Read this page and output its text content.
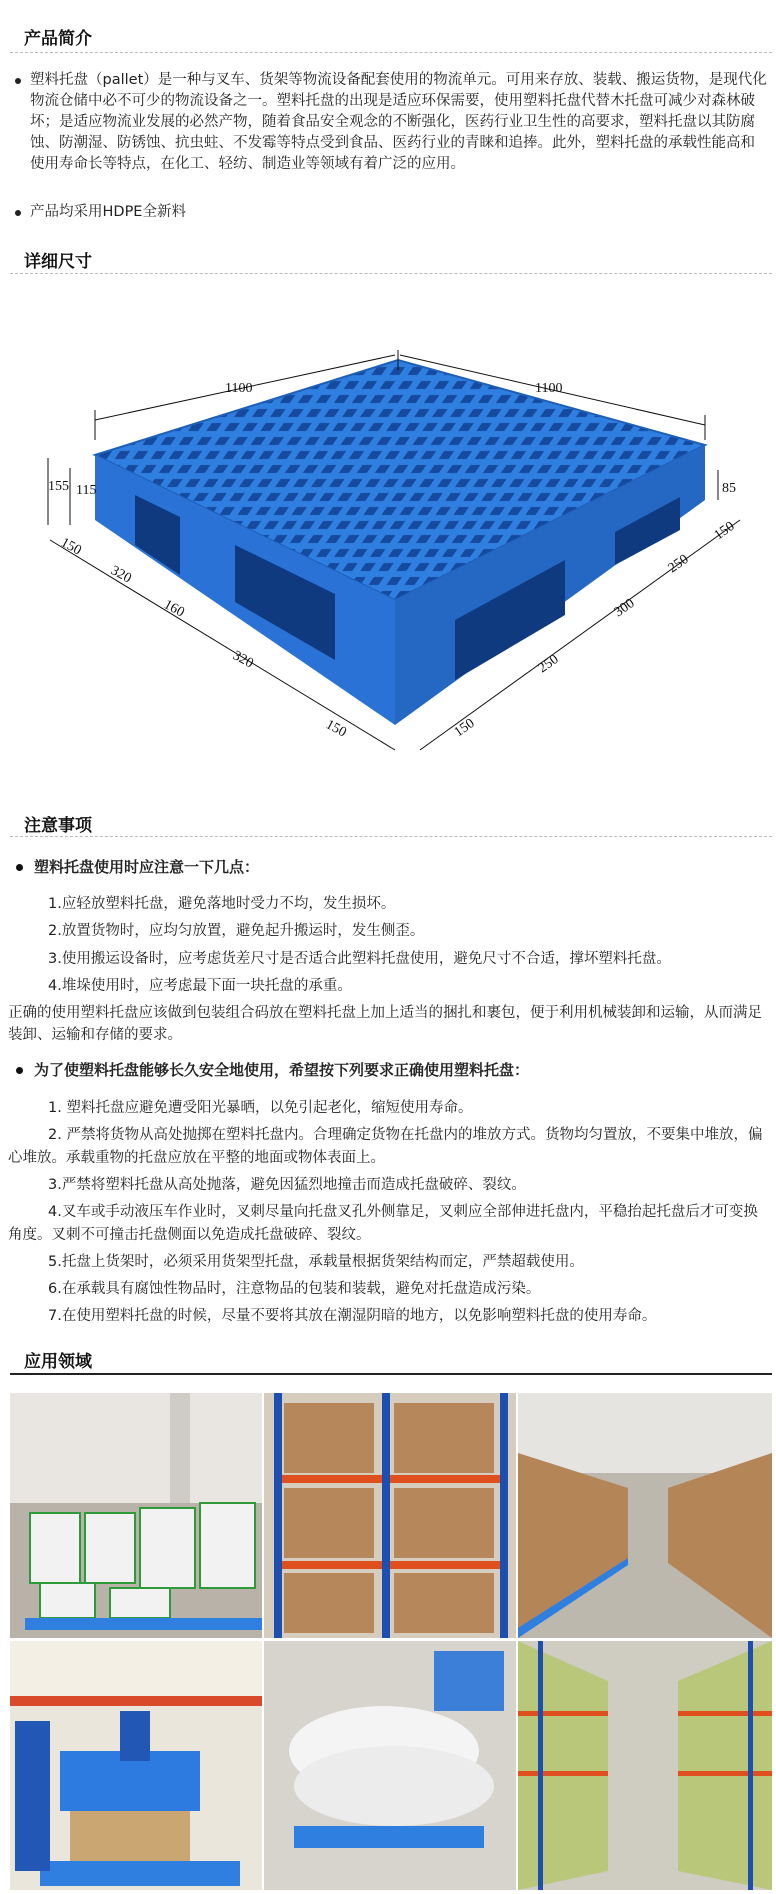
产品简介
塑料托盘（pallet）是一种与叉车、货架等物流设备配套使用的物流单元。可用来存放、装载、搬运货物，是现代化物流仓储中必不可少的物流设备之一。塑料托盘的出现是适应环保需要，使用塑料托盘代替木托盘可减少对森林破坏；是适应物流业发展的必然产物，随着食品安全观念的不断强化，医药行业卫生性的高要求，塑料托盘以其防腐蚀、防潮湿、防锈蚀、抗虫蛀、不发霉等特点受到食品、医药行业的青睐和追捧。此外，塑料托盘的承载性能高和使用寿命长等特点，在化工、轻纺、制造业等领域有着广泛的应用。
产品均采用HDPE全新料
详细尺寸
1100	1100
155 115	85
150
320
160
320
150
150
250
300
250
150
注意事项
塑料托盘使用时应注意一下几点：
1.应轻放塑料托盘，避免落地时受力不均，发生损坏。
2.放置货物时，应均匀放置，避免起升搬运时，发生侧歪。
3.使用搬运设备时，应考虑货差尺寸是否适合此塑料托盘使用，避免尺寸不合适，撑坏塑料托盘。
4.堆垛使用时，应考虑最下面一块托盘的承重。
正确的使用塑料托盘应该做到包装组合码放在塑料托盘上加上适当的捆扎和裹包，便于利用机械装卸和运输，从而满足装卸、运输和存储的要求。
为了使塑料托盘能够长久安全地使用，希望按下列要求正确使用塑料托盘：
1. 塑料托盘应避免遭受阳光暴晒，以免引起老化，缩短使用寿命。
2. 严禁将货物从高处抛掷在塑料托盘内。合理确定货物在托盘内的堆放方式。货物均匀置放，不要集中堆放，偏心堆放。承载重物的托盘应放在平整的地面或物体表面上。
3.严禁将塑料托盘从高处抛落，避免因猛烈地撞击而造成托盘破碎、裂纹。
4.叉车或手动液压车作业时，叉刺尽量向托盘叉孔外侧靠足，叉刺应全部伸进托盘内，平稳抬起托盘后才可变换角度。叉刺不可撞击托盘侧面以免造成托盘破碎、裂纹。
5.托盘上货架时，必须采用货架型托盘，承载量根据货架结构而定，严禁超载使用。
6.在承载具有腐蚀性物品时，注意物品的包装和装载，避免对托盘造成污染。
7.在使用塑料托盘的时候，尽量不要将其放在潮湿阴暗的地方，以免影响塑料托盘的使用寿命。
应用领域
